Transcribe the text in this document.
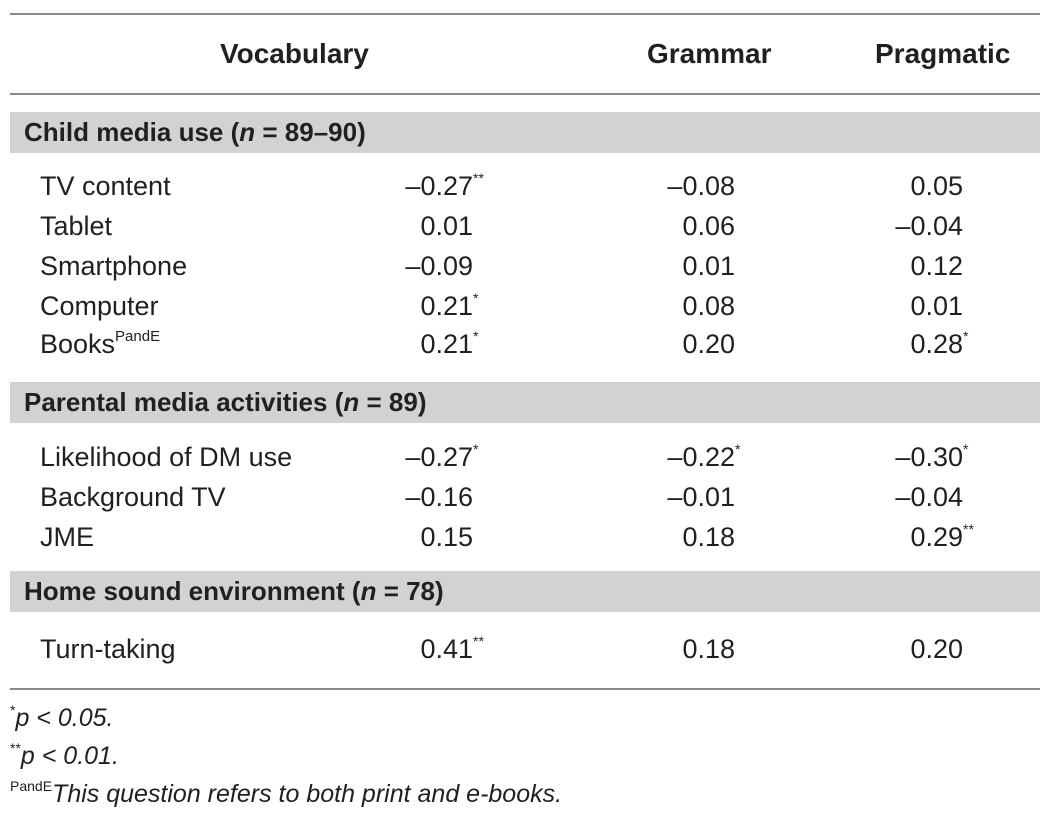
Vocabulary	Grammar	Pragmatic
Child media use (n = 89–90)
TV content	–0.27**	–0.08	0.05
Tablet	0.01	0.06	–0.04
Smartphone	–0.09	0.01	0.12
Computer	0.21*	0.08	0.01
Books$^{PandE}$	0.21*	0.20	0.28*
Parental media activities (n = 89)
Likelihood of DM use	–0.27*	–0.22*	–0.30*
Background TV	–0.16	–0.01	–0.04
JME	0.15	0.18	0.29**
Home sound environment (n = 78)
Turn-taking	0.41**	0.18	0.20
*p < 0.05.
**p < 0.01.
$^{PandE}$This question refers to both print and e-books.
